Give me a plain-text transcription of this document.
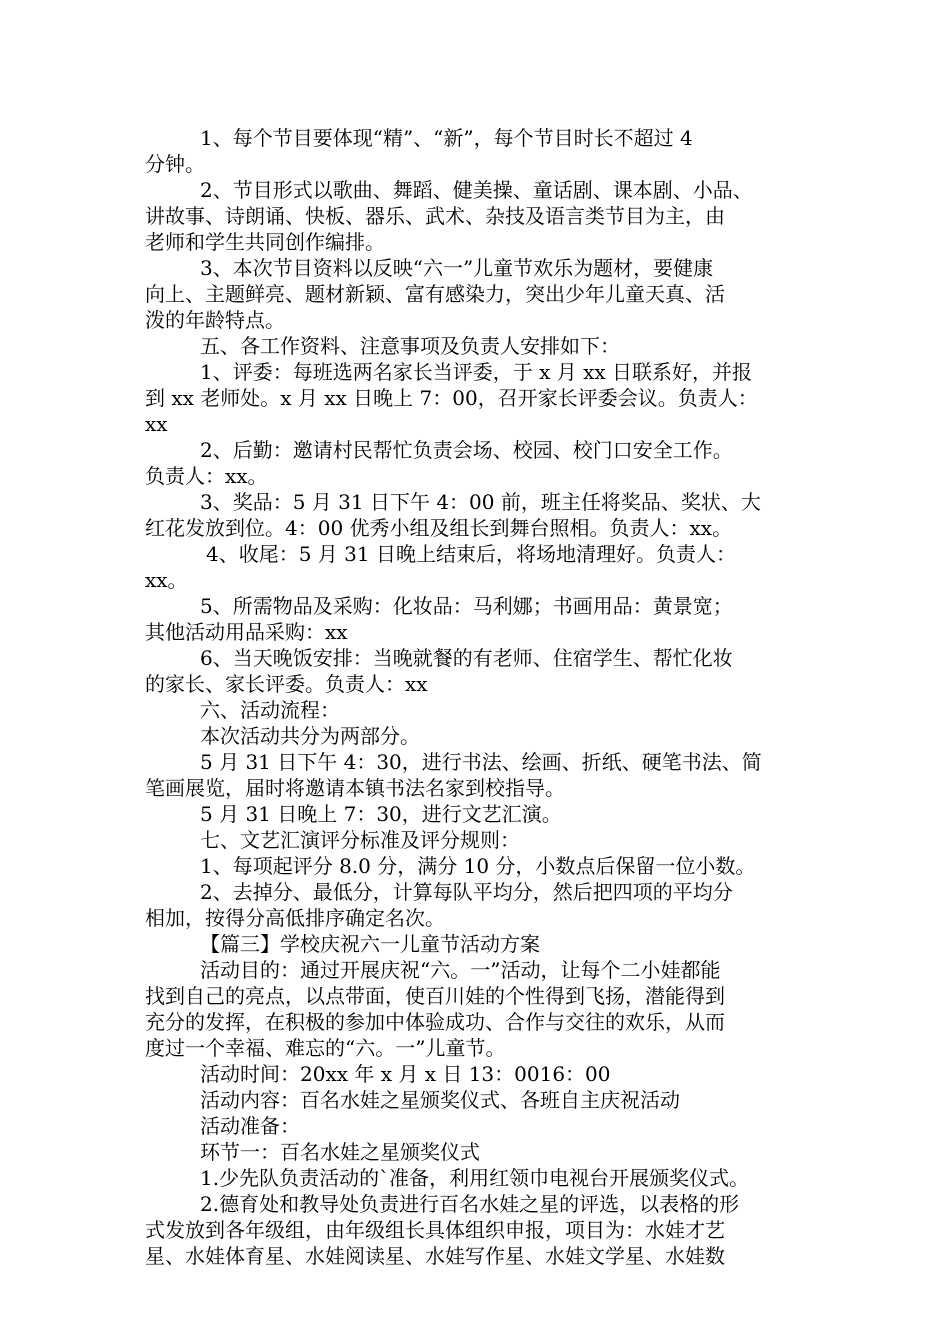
1、每个节目要体现“精”、“新”，每个节目时长不超过 4
分钟。
2、节目形式以歌曲、舞蹈、健美操、童话剧、课本剧、小品、
讲故事、诗朗诵、快板、器乐、武术、杂技及语言类节目为主，由
老师和学生共同创作编排。
3、本次节目资料以反映“六一”儿童节欢乐为题材，要健康
向上、主题鲜亮、题材新颖、富有感染力，突出少年儿童天真、活
泼的年龄特点。
五、各工作资料、注意事项及负责人安排如下：
1、评委：每班选两名家长当评委，于 x 月 xx 日联系好，并报
到 xx 老师处。x 月 xx 日晚上 7：00，召开家长评委会议。负责人：
xx
2、后勤：邀请村民帮忙负责会场、校园、校门口安全工作。
负责人：xx。
3、奖品：5 月 31 日下午 4：00 前，班主任将奖品、奖状、大
红花发放到位。4：00 优秀小组及组长到舞台照相。负责人：xx。
4、收尾：5 月 31 日晚上结束后，将场地清理好。负责人：
xx。
5、所需物品及采购：化妆品：马利娜；书画用品：黄景宽；
其他活动用品采购：xx
6、当天晚饭安排：当晚就餐的有老师、住宿学生、帮忙化妆
的家长、家长评委。负责人：xx
六、活动流程：
本次活动共分为两部分。
5 月 31 日下午 4：30，进行书法、绘画、折纸、硬笔书法、简
笔画展览，届时将邀请本镇书法名家到校指导。
5 月 31 日晚上 7：30，进行文艺汇演。
七、文艺汇演评分标准及评分规则：
1、每项起评分 8.0 分，满分 10 分，小数点后保留一位小数。
2、去掉分、最低分，计算每队平均分，然后把四项的平均分
相加，按得分高低排序确定名次。
【篇三】学校庆祝六一儿童节活动方案
活动目的：通过开展庆祝“六。一”活动，让每个二小娃都能
找到自己的亮点，以点带面，使百川娃的个性得到飞扬，潜能得到
充分的发挥，在积极的参加中体验成功、合作与交往的欢乐，从而
度过一个幸福、难忘的“六。一”儿童节。
活动时间：20xx 年 x 月 x 日 13：0016：00
活动内容：百名水娃之星颁奖仪式、各班自主庆祝活动
活动准备：
环节一：百名水娃之星颁奖仪式
1.少先队负责活动的`准备，利用红领巾电视台开展颁奖仪式。
2.德育处和教导处负责进行百名水娃之星的评选，以表格的形
式发放到各年级组，由年级组长具体组织申报，项目为：水娃才艺
星、水娃体育星、水娃阅读星、水娃写作星、水娃文学星、水娃数
